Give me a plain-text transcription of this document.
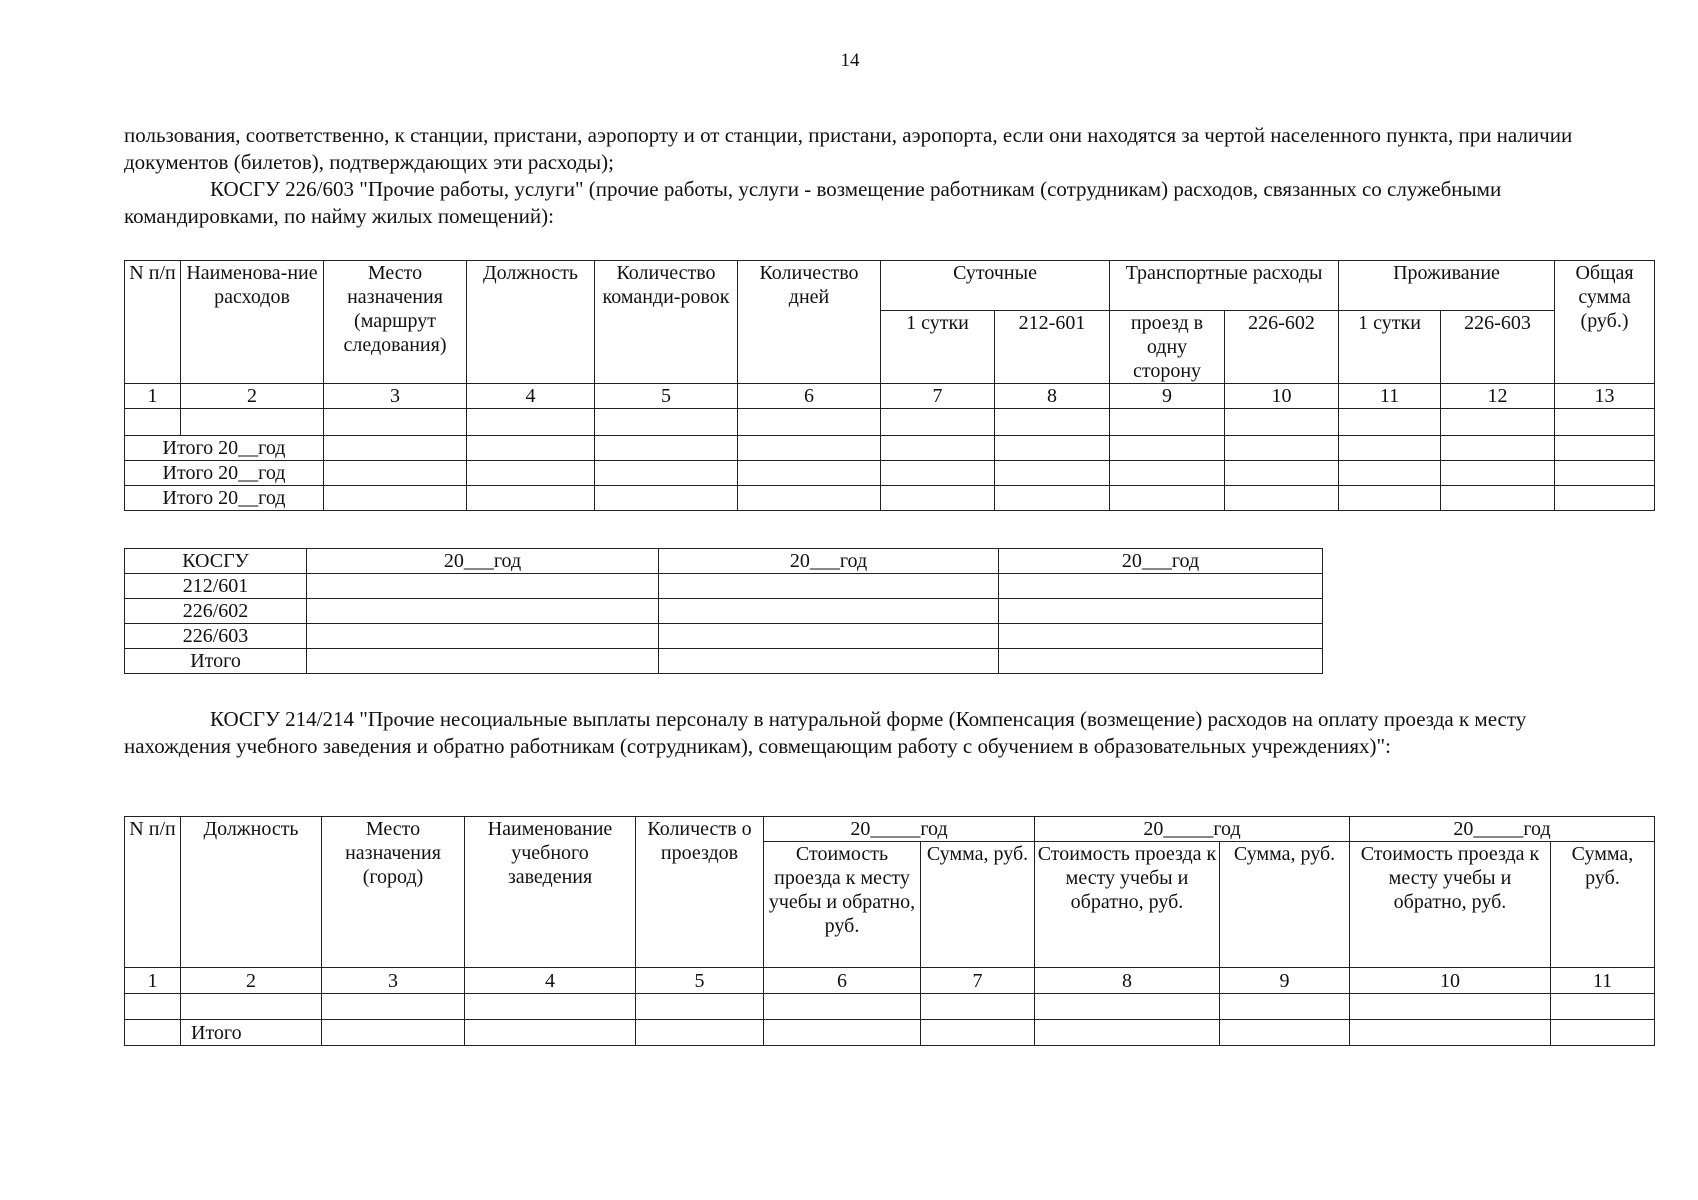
14

пользования, соответственно, к станции, пристани, аэропорту и от станции, пристани, аэропорта, если они находятся за чертой населенного пункта, при наличии документов (билетов), подтверждающих эти расходы);

КОСГУ 226/603 "Прочие работы, услуги" (прочие работы, услуги - возмещение работникам (сотрудникам) расходов, связанных со служебными командировками, по найму жилых помещений):

N п/п	Наименова-ние расходов	Место назначения (маршрут следования)	Должность	Количество команди-ровок	Количество дней	Суточные		Транспортные расходы		Проживание		Общая сумма (руб.)
						1 сутки	212-601	проезд в одну сторону	226-602	1 сутки	226-603	
1	2	3	4	5	6	7	8	9	10	11	12	13

Итого 20__год												
Итого 20__год												
Итого 20__год												
КОСГУ	20___год	20___год	20___год
212/601			
226/602			
226/603			
Итого			

КОСГУ 214/214 "Прочие несоциальные выплаты персоналу в натуральной форме (Компенсация (возмещение) расходов на оплату проезда к месту нахождения учебного заведения и обратно работникам (сотрудникам), совмещающим работу с обучением в образовательных учреждениях)":

N п/п	Должность	Место назначения (город)	Наименование учебного заведения	Количеств о проездов	20_____год		20_____год		20_____год	
					Стоимость проезда к месту учебы и обратно, руб.	Сумма, руб.	Стоимость проезда к месту учебы и обратно, руб.	Сумма, руб.	Стоимость проезда к месту учебы и обратно, руб.	Сумма, руб.
1	2	3	4	5	6	7	8	9	10	11

	Итого									
